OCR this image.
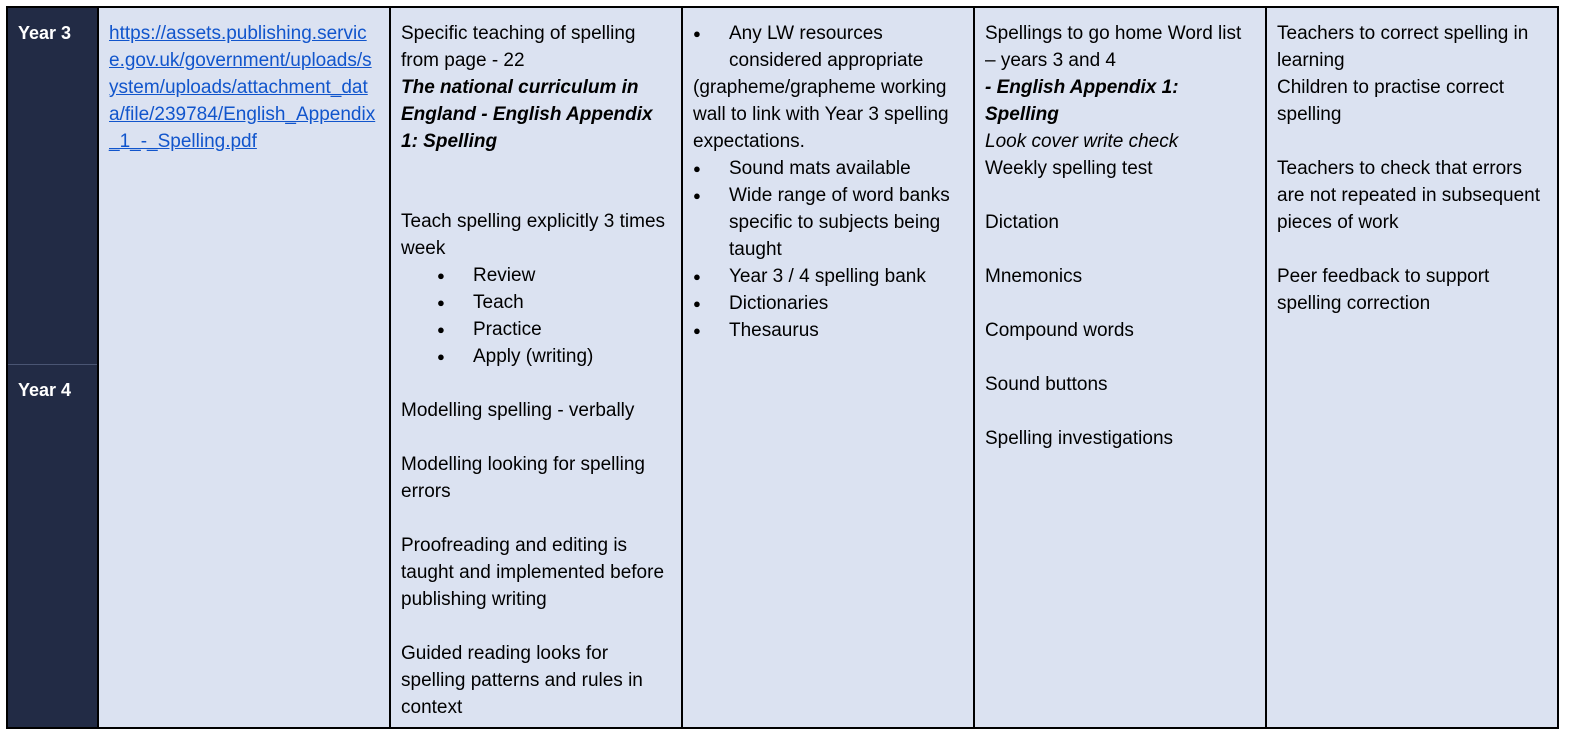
Year 3
Year 4
https://assets.publishing.service.gov.uk/government/uploads/system/uploads/attachment_data/file/239784/English_Appendix_1_-_Spelling.pdf

Specific teaching of spelling from page - 22

The national curriculum in England - English Appendix 1: Spelling

Teach spelling explicitly 3 times week

● Review
● Teach
● Practice
● Apply (writing)

Modelling spelling - verbally

Modelling looking for spelling errors

Proofreading and editing is taught and implemented before publishing writing

Guided reading looks for spelling patterns and rules in context

● Any LW resources considered appropriate

(grapheme/grapheme working wall to link with Year 3 spelling expectations.

● Sound mats available
● Wide range of word banks specific to subjects being taught
● Year 3 / 4 spelling bank
● Dictionaries
● Thesaurus

Spellings to go home Word list – years 3 and 4

- English Appendix 1: Spelling

Look cover write check

Weekly spelling test

Dictation

Mnemonics

Compound words

Sound buttons

Spelling investigations

Teachers to correct spelling in learning

Children to practise correct spelling

Teachers to check that errors are not repeated in subsequent pieces of work

Peer feedback to support spelling correction
